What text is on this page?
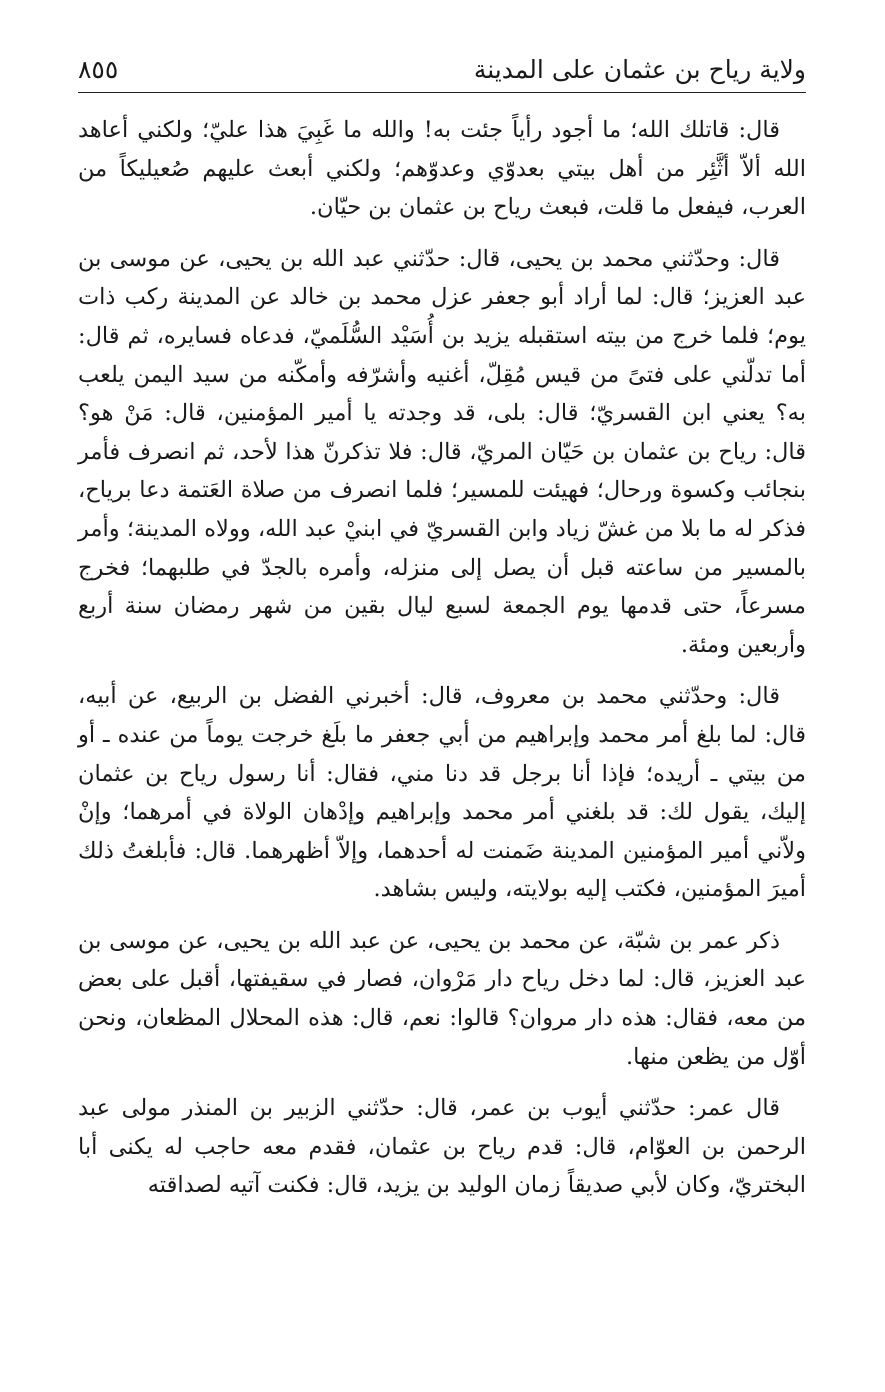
ولاية رياح بن عثمان على المدينة
٨٥٥

قال: قاتلك الله؛ ما أجود رأياً جئت به! والله ما غَبِيَ هذا عليّ؛ ولكني أعاهد الله ألاّ أثَّئِر من أهل بيتي بعدوّي وعدوّهم؛ ولكني أبعث عليهم صُعيليكاً من العرب، فيفعل ما قلت، فبعث رياح بن عثمان بن حيّان.

قال: وحدّثني محمد بن يحيى، قال: حدّثني عبد الله بن يحيى، عن موسى بن عبد العزيز؛ قال: لما أراد أبو جعفر عزل محمد بن خالد عن المدينة ركب ذات يوم؛ فلما خرج من بيته استقبله يزيد بن أُسَيْد السُّلَميّ، فدعاه فسايره، ثم قال: أما تدلّني على فتىً من قيس مُقِلّ، أغنيه وأشرّفه وأمكّنه من سيد اليمن يلعب به؟ يعني ابن القسريّ؛ قال: بلى، قد وجدته يا أمير المؤمنين، قال: مَنْ هو؟ قال: رياح بن عثمان بن حَيّان المريّ، قال: فلا تذكرنّ هذا لأحد، ثم انصرف فأمر بنجائب وكسوة ورحال؛ فهيئت للمسير؛ فلما انصرف من صلاة العَتمة دعا برياح، فذكر له ما بلا من غشّ زياد وابن القسريّ في ابنيْ عبد الله، وولاه المدينة؛ وأمر بالمسير من ساعته قبل أن يصل إلى منزله، وأمره بالجدّ في طلبهما؛ فخرج مسرعاً، حتى قدمها يوم الجمعة لسبع ليال بقين من شهر رمضان سنة أربع وأربعين ومئة.

قال: وحدّثني محمد بن معروف، قال: أخبرني الفضل بن الربيع، عن أبيه، قال: لما بلغ أمر محمد وإبراهيم من أبي جعفر ما بلَغ خرجت يوماً من عنده ـ أو من بيتي ـ أريده؛ فإذا أنا برجل قد دنا مني، فقال: أنا رسول رياح بن عثمان إليك، يقول لك: قد بلغني أمر محمد وإبراهيم وإدْهان الولاة في أمرهما؛ وإنْ ولاّني أمير المؤمنين المدينة ضَمنت له أحدهما، وإلاّ أظهرهما. قال: فأبلغتُ ذلك أميرَ المؤمنين، فكتب إليه بولايته، وليس بشاهد.

ذكر عمر بن شبّة، عن محمد بن يحيى، عن عبد الله بن يحيى، عن موسى بن عبد العزيز، قال: لما دخل رياح دار مَرْوان، فصار في سقيفتها، أقبل على بعض من معه، فقال: هذه دار مروان؟ قالوا: نعم، قال: هذه المحلال المظعان، ونحن أوّل من يظعن منها.

قال عمر: حدّثني أيوب بن عمر، قال: حدّثني الزبير بن المنذر مولى عبد الرحمن بن العوّام، قال: قدم رياح بن عثمان، فقدم معه حاجب له يكنى أبا البختريّ، وكان لأبي صديقاً زمان الوليد بن يزيد، قال: فكنت آتيه لصداقته
